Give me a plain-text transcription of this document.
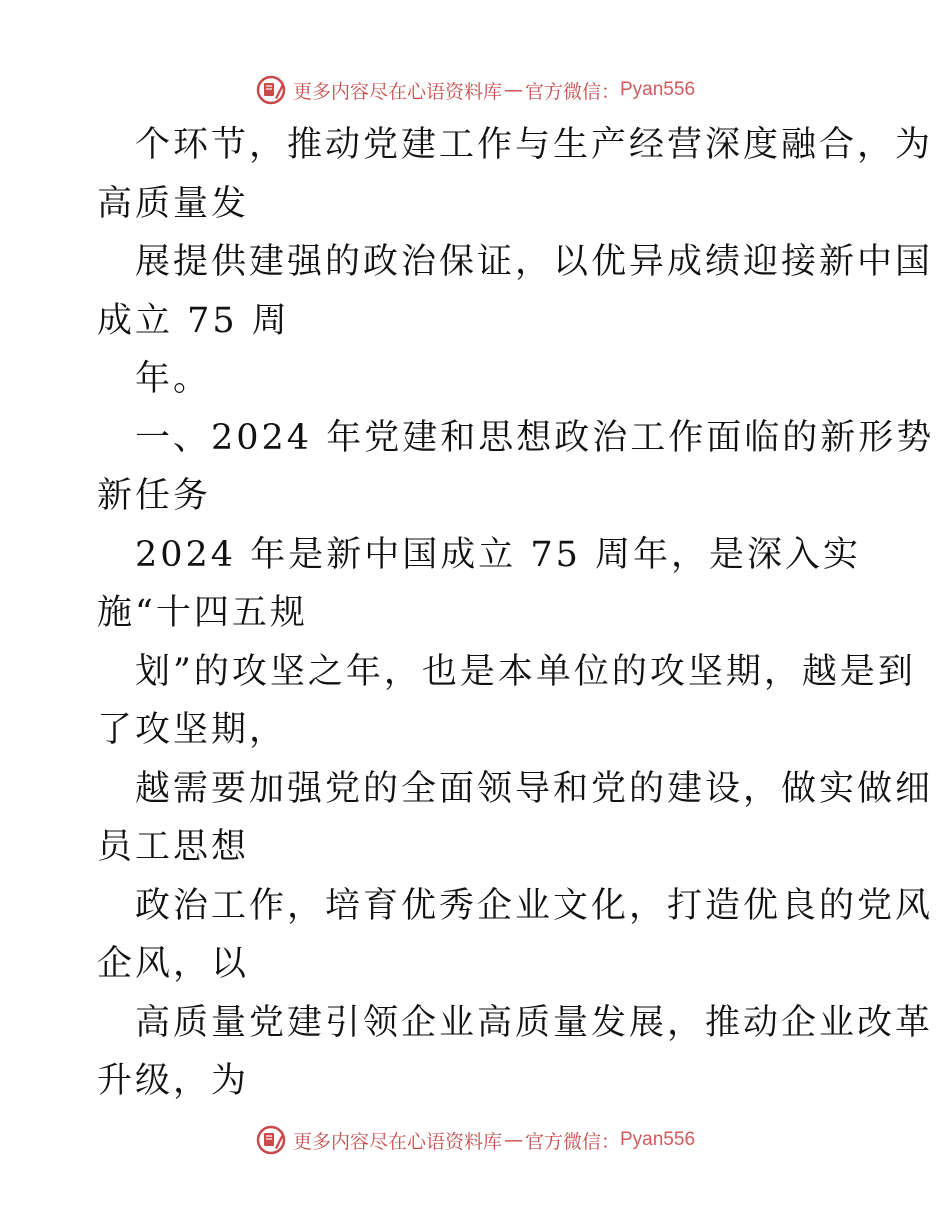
更多内容尽在心语资料库 — 官方微信： Pyan556
个环节，推动党建工作与生产经营深度融合，为
高质量发
展提供建强的政治保证，以优异成绩迎接新中国
成立 75 周
年。
一、2024 年党建和思想政治工作面临的新形势
新任务
2024 年是新中国成立 75 周年，是深入实
施“十四五规
划”的攻坚之年，也是本单位的攻坚期，越是到
了攻坚期，
越需要加强党的全面领导和党的建设，做实做细
员工思想
政治工作，培育优秀企业文化，打造优良的党风
企风，以
高质量党建引领企业高质量发展，推动企业改革
升级，为
更多内容尽在心语资料库 — 官方微信： Pyan556
